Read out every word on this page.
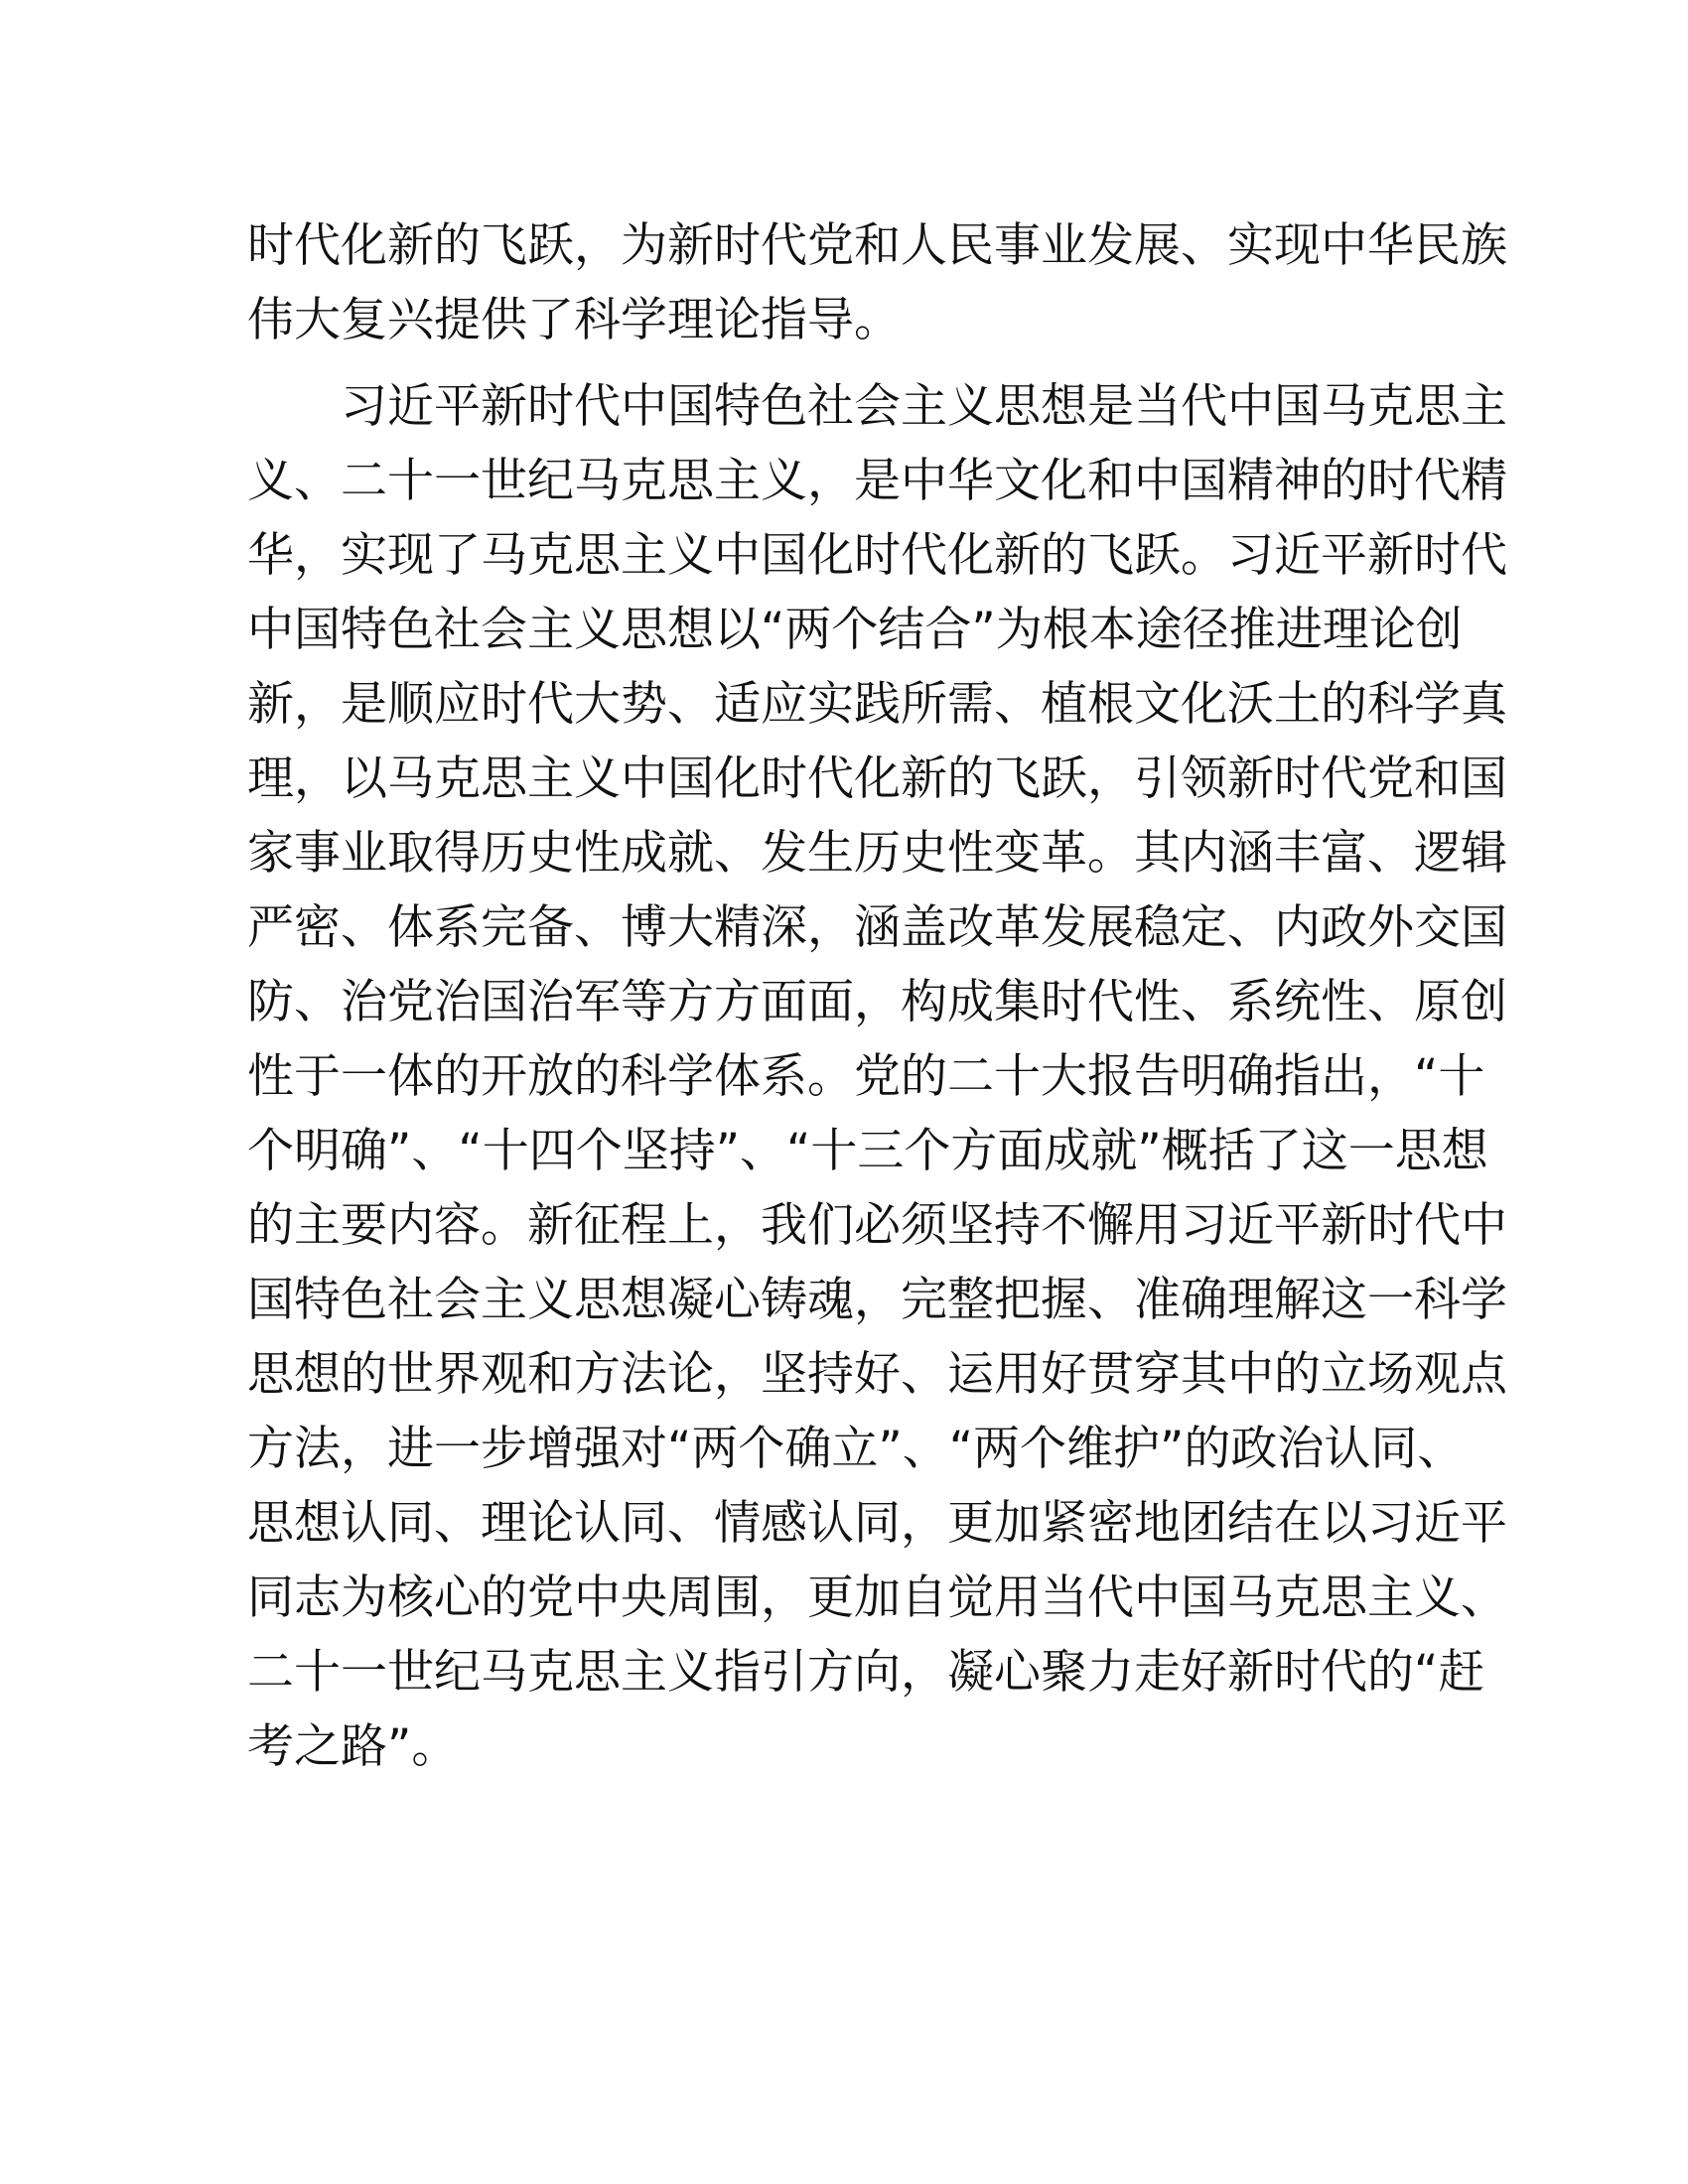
时代化新的飞跃，为新时代党和人民事业发展、实现中华民族
伟大复兴提供了科学理论指导。
习近平新时代中国特色社会主义思想是当代中国马克思主
义、二十一世纪马克思主义，是中华文化和中国精神的时代精
华，实现了马克思主义中国化时代化新的飞跃。习近平新时代
中国特色社会主义思想以“两个结合”为根本途径推进理论创
新，是顺应时代大势、适应实践所需、植根文化沃土的科学真
理，以马克思主义中国化时代化新的飞跃，引领新时代党和国
家事业取得历史性成就、发生历史性变革。其内涵丰富、逻辑
严密、体系完备、博大精深，涵盖改革发展稳定、内政外交国
防、治党治国治军等方方面面，构成集时代性、系统性、原创
性于一体的开放的科学体系。党的二十大报告明确指出，“十
个明确”、“十四个坚持”、“十三个方面成就”概括了这一思想
的主要内容。新征程上，我们必须坚持不懈用习近平新时代中
国特色社会主义思想凝心铸魂，完整把握、准确理解这一科学
思想的世界观和方法论，坚持好、运用好贯穿其中的立场观点
方法，进一步增强对“两个确立”、“两个维护”的政治认同、
思想认同、理论认同、情感认同，更加紧密地团结在以习近平
同志为核心的党中央周围，更加自觉用当代中国马克思主义、
二十一世纪马克思主义指引方向，凝心聚力走好新时代的“赶
考之路”。
